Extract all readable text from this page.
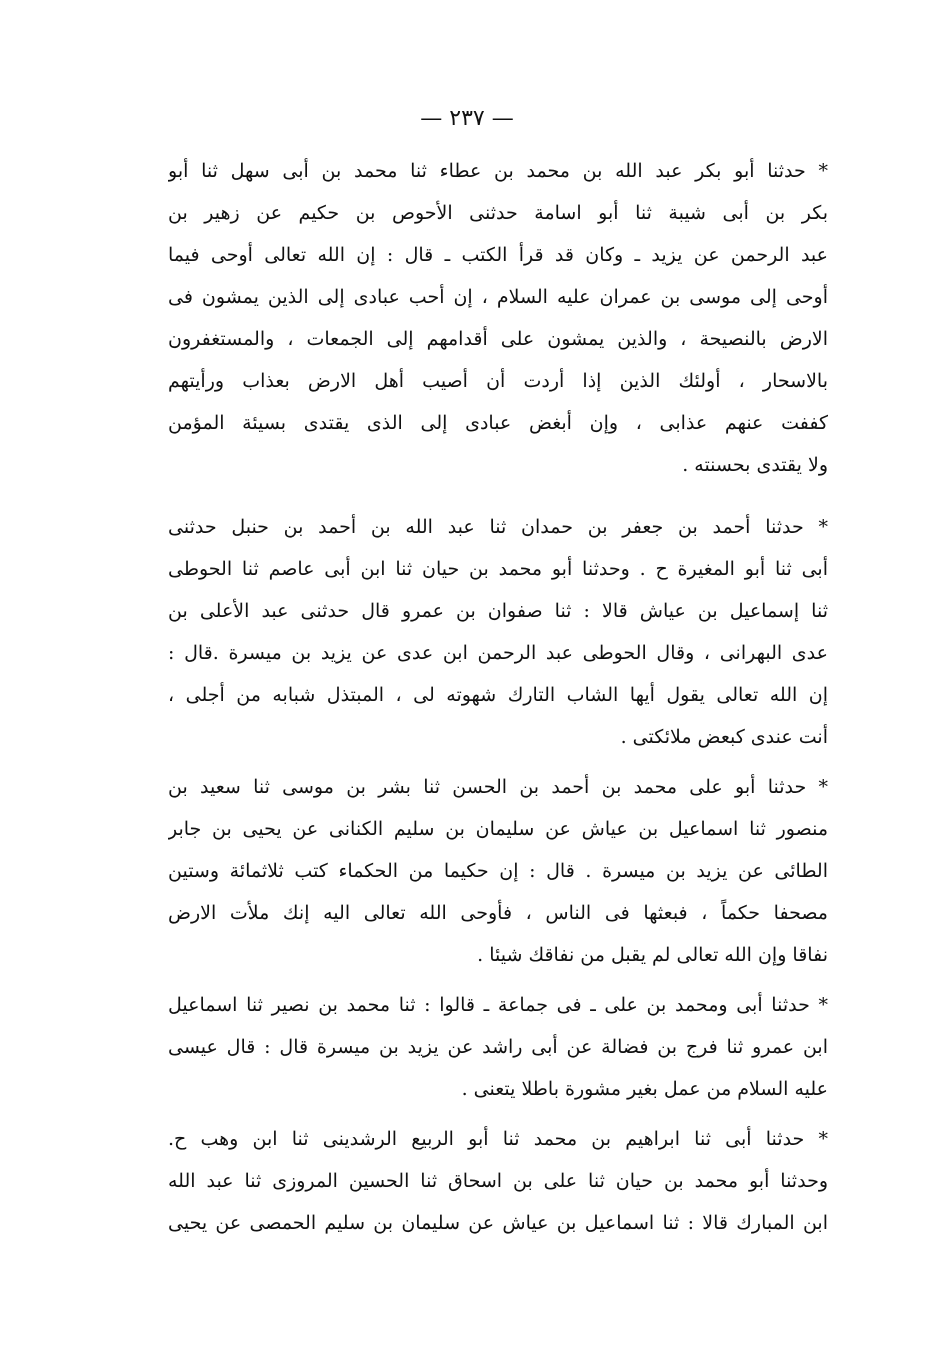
— ٢٣٧ —
* حدثنا أبو بكر عبد الله بن محمد بن عطاء ثنا محمد بن أبى سهل ثنا أبو
بكر بن أبى شيبة ثنا أبو اسامة حدثنى الأحوص بن حكيم عن زهير بن
عبد الرحمن عن يزيد ـ وكان قد قرأ الكتب ـ قال : إن الله تعالى أوحى فيما
أوحى إلى موسى بن عمران عليه السلام ، إن أحب عبادى إلى الذين يمشون فى
الارض بالنصيحة ، والذين يمشون على أقدامهم إلى الجمعات ، والمستغفرون
بالاسحار ، أولئك الذين إذا أردت أن أصيب أهل الارض بعذاب ورأيتهم
كففت عنهم عذابى ، وإن أبغض عبادى إلى الذى يقتدى بسيئة المؤمن
ولا يقتدى بحسنته .
* حدثنا أحمد بن جعفر بن حمدان ثنا عبد الله بن أحمد بن حنبل حدثنى
أبى ثنا أبو المغيرة ح . وحدثنا أبو محمد بن حيان ثنا ابن أبى عاصم ثنا الحوطى
ثنا إسماعيل بن عياش قالا : ثنا صفوان بن عمرو قال حدثنى عبد الأعلى بن
عدى البهرانى ، وقال الحوطى عبد الرحمن ابن عدى عن يزيد بن ميسرة .قال :
إن الله تعالى يقول أيها الشاب التارك شهوته لى ، المبتذل شبابه من أجلى ،
أنت عندى كبعض ملائكتى .
* حدثنا أبو على محمد بن أحمد بن الحسن ثنا بشر بن موسى ثنا سعيد بن
منصور ثنا اسماعيل بن عياش عن سليمان بن سليم الكنانى عن يحيى بن جابر
الطائى عن يزيد بن ميسرة . قال : إن حكيما من الحكماء كتب ثلاثمائة وستين
مصحفا حكماً ، فبعثها فى الناس ، فأوحى الله تعالى اليه إنك ملأت الارض
نفاقا وإن الله تعالى لم يقبل من نفاقك شيئا .
* حدثنا أبى ومحمد بن على ـ فى جماعة ـ قالوا : ثنا محمد بن نصير ثنا اسماعيل
ابن عمرو ثنا فرج بن فضالة عن أبى راشد عن يزيد بن ميسرة قال : قال عيسى
عليه السلام من عمل بغير مشورة باطلا يتعنى .
* حدثنا أبى ثنا ابراهيم بن محمد ثنا أبو الربيع الرشدينى ثنا ابن وهب ح.
وحدثنا أبو محمد بن حيان ثنا على بن اسحاق ثنا الحسين المروزى ثنا عبد الله
ابن المبارك قالا : ثنا اسماعيل بن عياش عن سليمان بن سليم الحمصى عن يحيى
